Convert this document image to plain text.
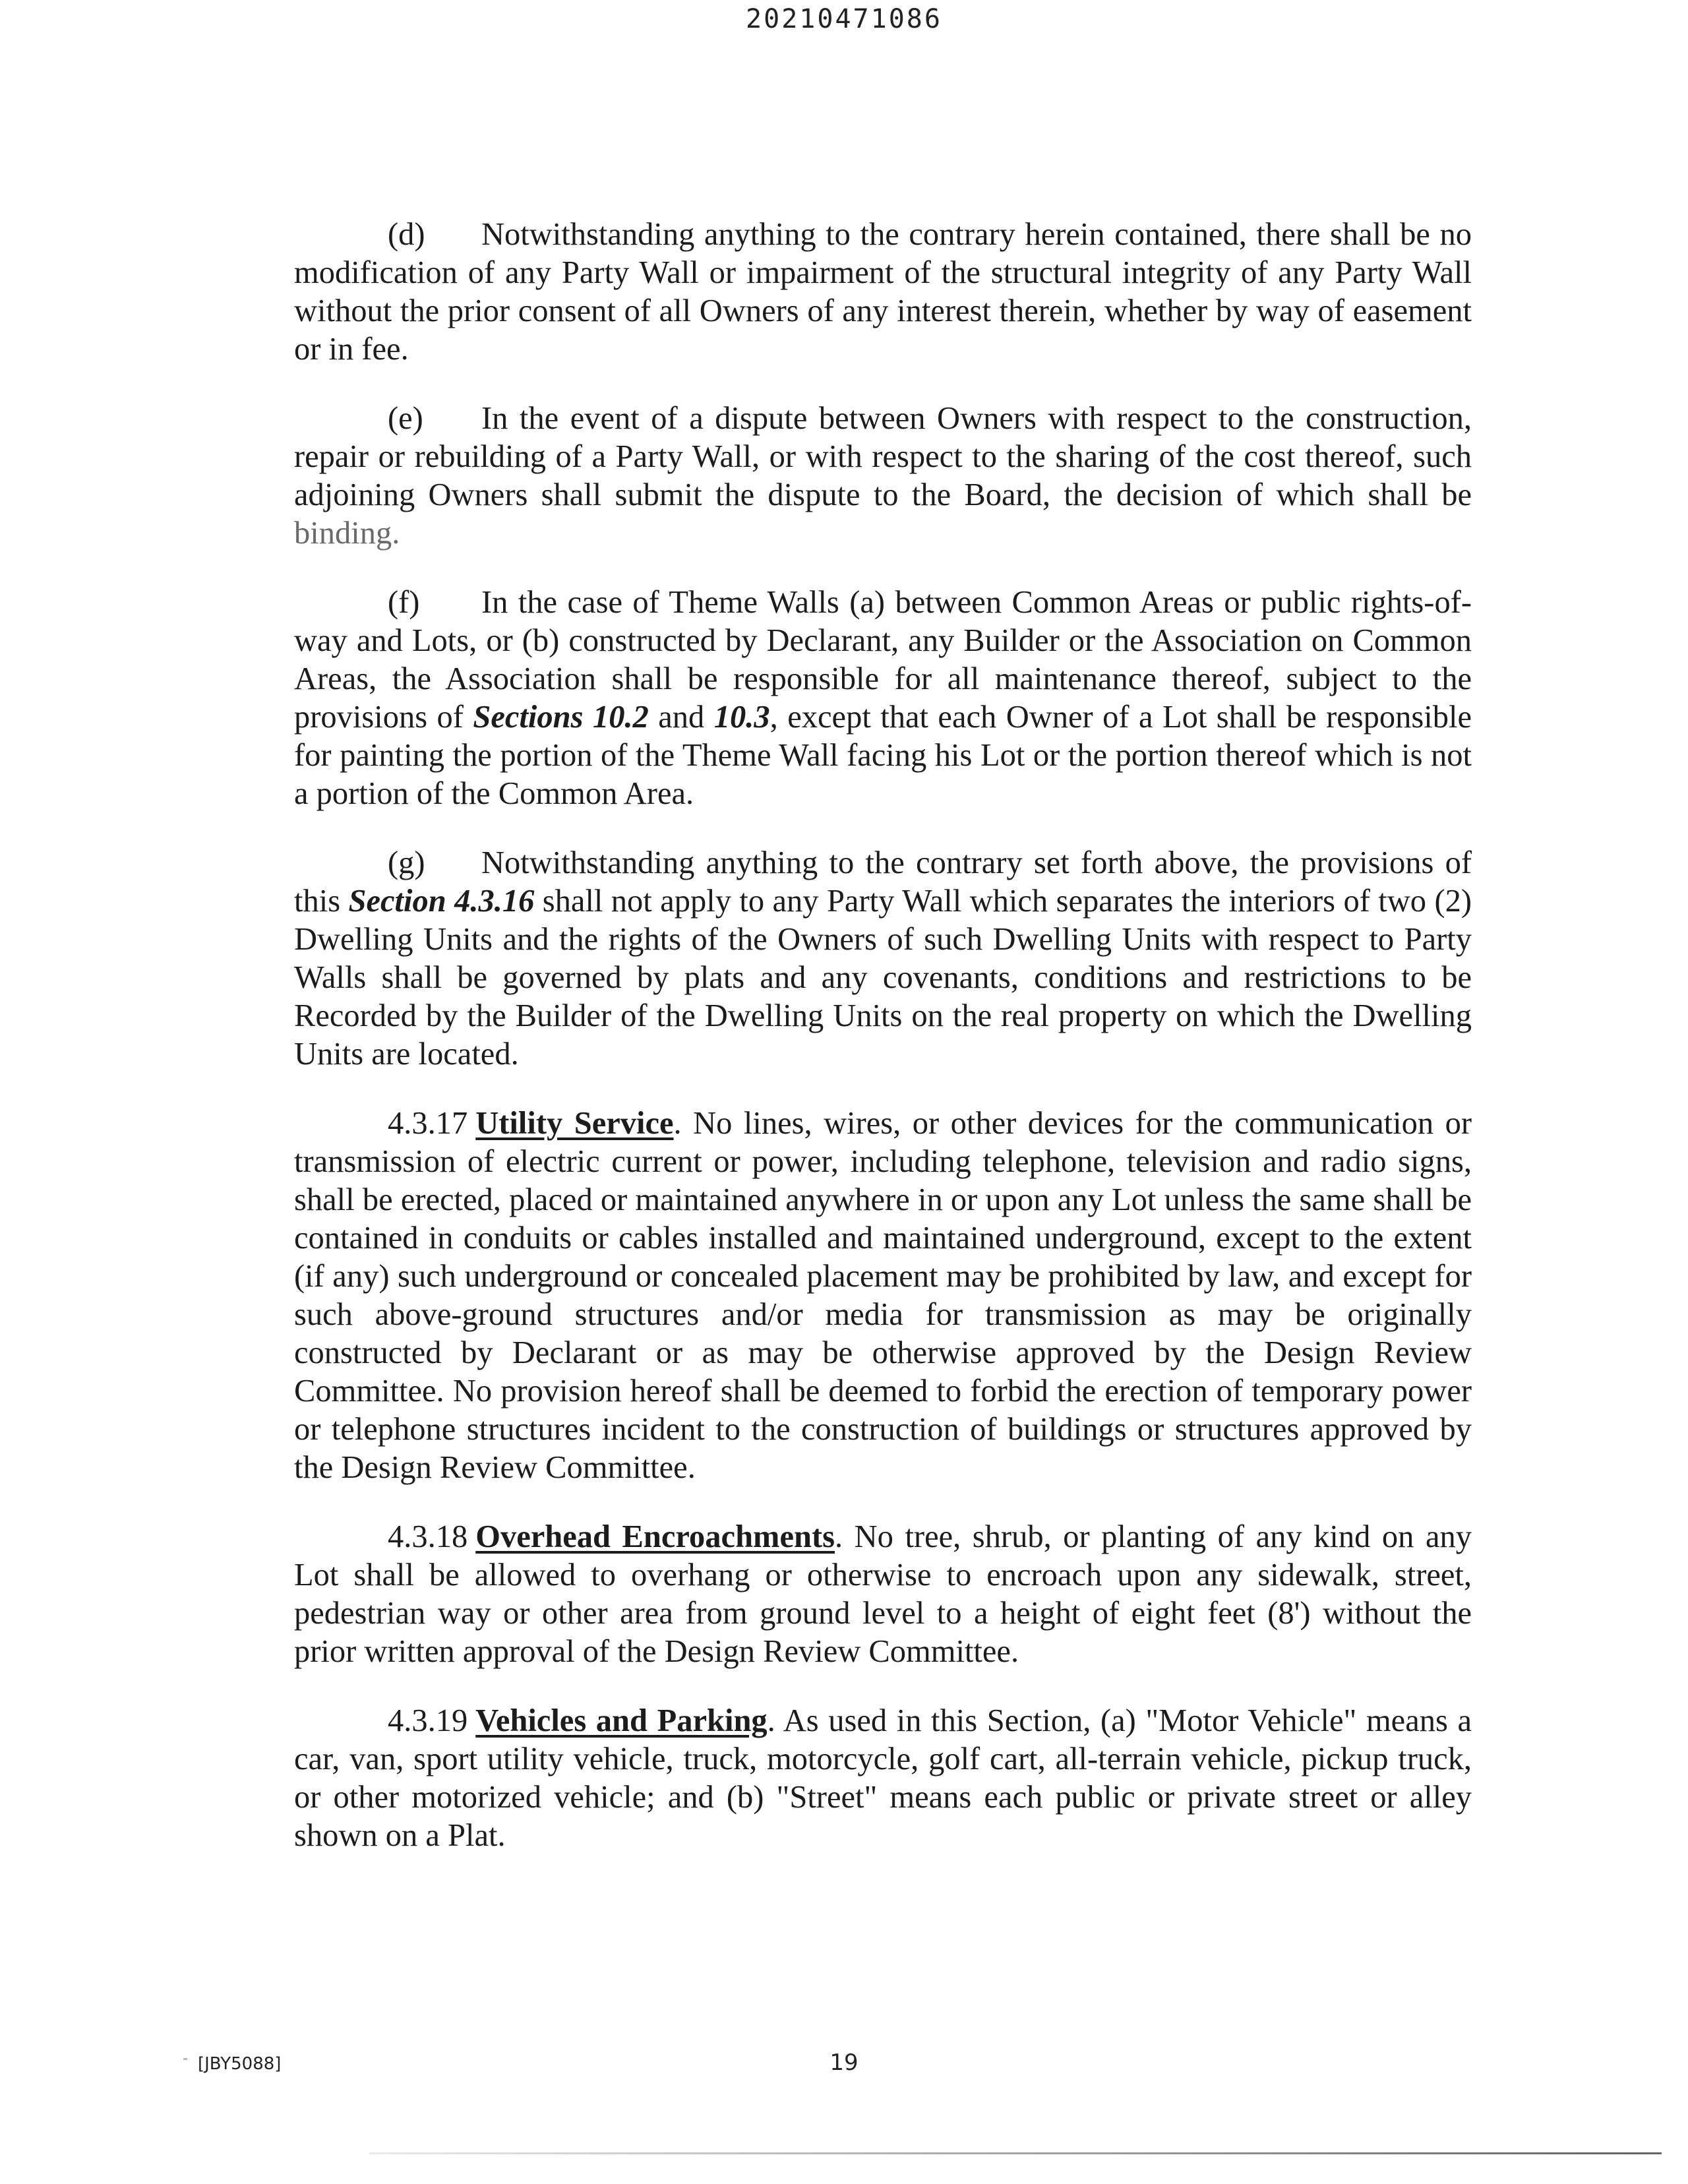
20210471086

(d) Notwithstanding anything to the contrary herein contained, there shall be no modification of any Party Wall or impairment of the structural integrity of any Party Wall without the prior consent of all Owners of any interest therein, whether by way of easement or in fee.

(e) In the event of a dispute between Owners with respect to the construction, repair or rebuilding of a Party Wall, or with respect to the sharing of the cost thereof, such adjoining Owners shall submit the dispute to the Board, the decision of which shall be binding.

(f) In the case of Theme Walls (a) between Common Areas or public rights-of-way and Lots, or (b) constructed by Declarant, any Builder or the Association on Common Areas, the Association shall be responsible for all maintenance thereof, subject to the provisions of Sections 10.2 and 10.3, except that each Owner of a Lot shall be responsible for painting the portion of the Theme Wall facing his Lot or the portion thereof which is not a portion of the Common Area.

(g) Notwithstanding anything to the contrary set forth above, the provisions of this Section 4.3.16 shall not apply to any Party Wall which separates the interiors of two (2) Dwelling Units and the rights of the Owners of such Dwelling Units with respect to Party Walls shall be governed by plats and any covenants, conditions and restrictions to be Recorded by the Builder of the Dwelling Units on the real property on which the Dwelling Units are located.

4.3.17 Utility Service. No lines, wires, or other devices for the communication or transmission of electric current or power, including telephone, television and radio signs, shall be erected, placed or maintained anywhere in or upon any Lot unless the same shall be contained in conduits or cables installed and maintained underground, except to the extent (if any) such underground or concealed placement may be prohibited by law, and except for such above-ground structures and/or media for transmission as may be originally constructed by Declarant or as may be otherwise approved by the Design Review Committee. No provision hereof shall be deemed to forbid the erection of temporary power or telephone structures incident to the construction of buildings or structures approved by the Design Review Committee.

4.3.18 Overhead Encroachments. No tree, shrub, or planting of any kind on any Lot shall be allowed to overhang or otherwise to encroach upon any sidewalk, street, pedestrian way or other area from ground level to a height of eight feet (8') without the prior written approval of the Design Review Committee.

4.3.19 Vehicles and Parking. As used in this Section, (a) "Motor Vehicle" means a car, van, sport utility vehicle, truck, motorcycle, golf cart, all-terrain vehicle, pickup truck, or other motorized vehicle; and (b) "Street" means each public or private street or alley shown on a Plat.

[JBY5088]	19
